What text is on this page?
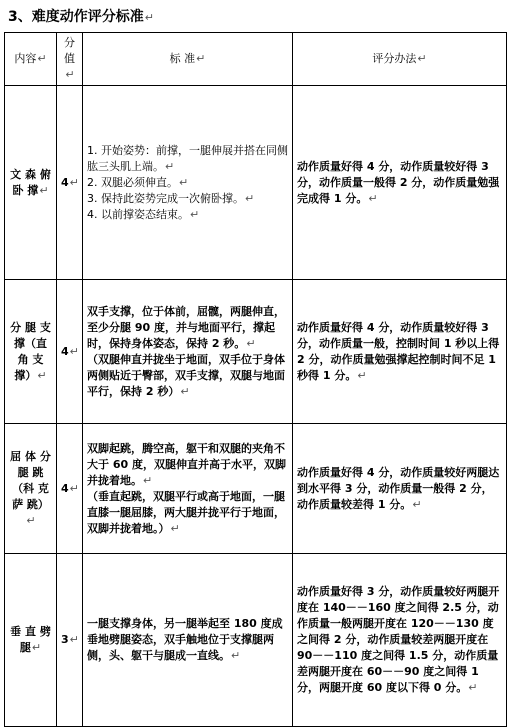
3、难度动作评分标准↵
内容↵	分值↵	标 准↵	评分办法↵
文 森 俯 卧 撑↵	4↵	1. 开始姿势：前撑，一腿伸展并搭在同侧肱三头肌上端。↵
2. 双腿必须伸直。↵
3. 保持此姿势完成一次俯卧撑。↵
4. 以前撑姿态结束。↵	动作质量好得 4 分，动作质量较好得 3 分，动作质量一般得 2 分，动作质量勉强完成得 1 分。↵
分 腿 支 撑（直 角 支 撑）↵	4↵	双手支撑，位于体前，屈髋，两腿伸直，至少分腿 90 度，并与地面平行，撑起时，保持身体姿态，保持 2 秒。↵
（双腿伸直并拢坐于地面，双手位于身体两侧贴近于臀部，双手支撑，双腿与地面平行，保持 2 秒）↵	动作质量好得 4 分，动作质量较好得 3 分，动作质量一般，控制时间 1 秒以上得 2 分，动作质量勉强撑起控制时间不足 1 秒得 1 分。↵
屈 体 分 腿 跳（科 克 萨 跳）↵	4↵	双脚起跳，腾空高，躯干和双腿的夹角不大于 60 度，双腿伸直并高于水平，双脚并拢着地。↵
（垂直起跳，双腿平行或高于地面，一腿直膝一腿屈膝，两大腿并拢平行于地面，双脚并拢着地。）↵	动作质量好得 4 分，动作质量较好两腿达到水平得 3 分，动作质量一般得 2 分，动作质量较差得 1 分。↵
垂 直 劈 腿↵	3↵	一腿支撑身体，另一腿举起至 180 度成垂地劈腿姿态，双手触地位于支撑腿两侧，头、躯干与腿成一直线。↵	动作质量好得 3 分，动作质量较好两腿开度在 140－－160 度之间得 2.5 分，动作质量一般两腿开度在 120－－130 度之间得 2 分，动作质量较差两腿开度在 90－－110 度之间得 1.5 分，动作质量差两腿开度在 60－－90 度之间得 1 分，两腿开度 60 度以下得 0 分。↵
